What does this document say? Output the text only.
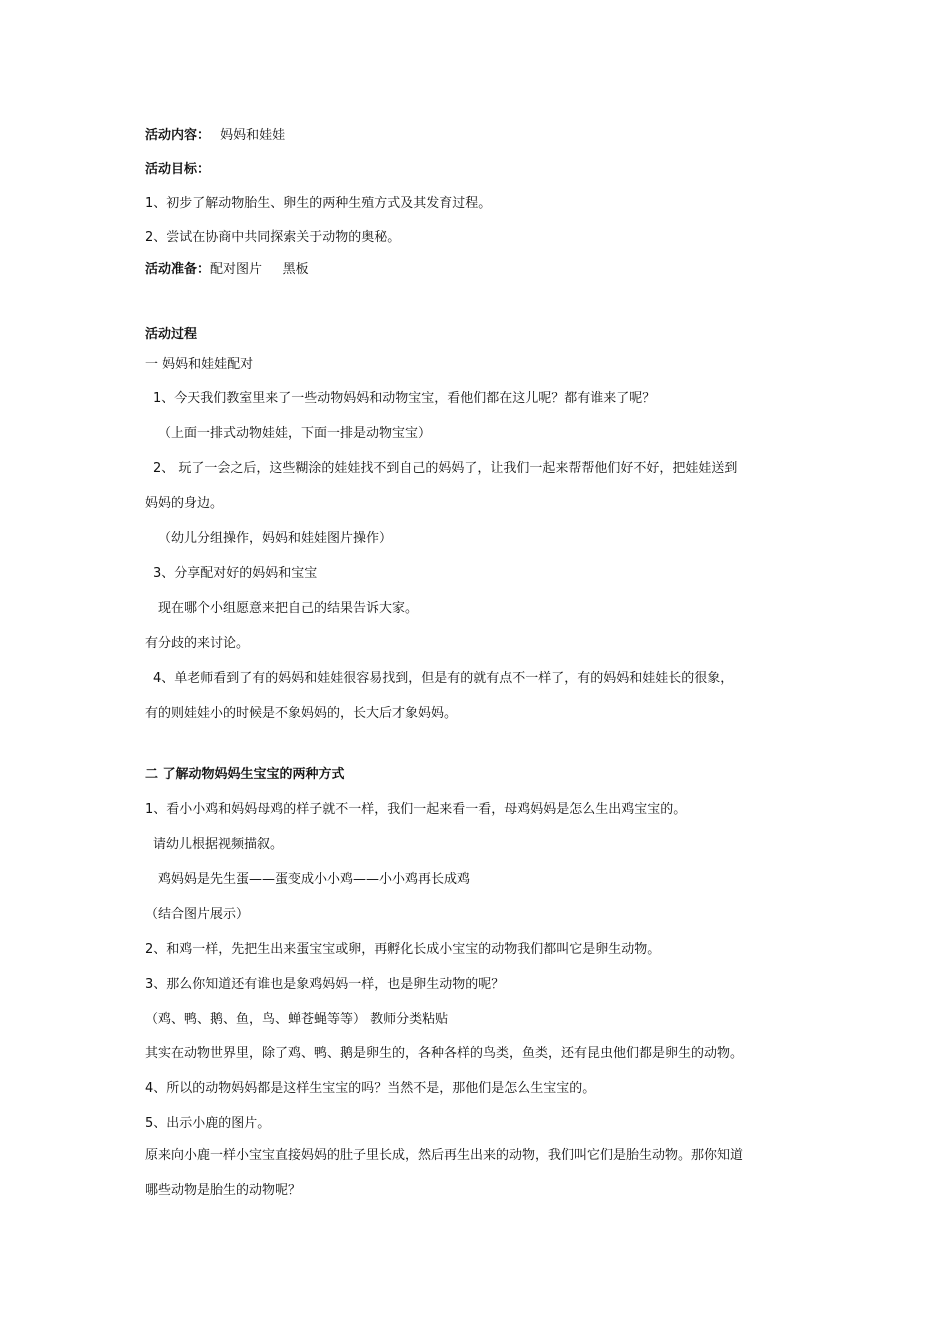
活动内容： 妈妈和娃娃
活动目标：
1、初步了解动物胎生、卵生的两种生殖方式及其发育过程。
2、尝试在协商中共同探索关于动物的奥秘。
活动准备：配对图片     黑板
活动过程
一 妈妈和娃娃配对
1、今天我们教室里来了一些动物妈妈和动物宝宝，看他们都在这儿呢？都有谁来了呢？
（上面一排式动物娃娃，下面一排是动物宝宝）
2、 玩了一会之后，这些糊涂的娃娃找不到自己的妈妈了，让我们一起来帮帮他们好不好，把娃娃送到
妈妈的身边。
（幼儿分组操作，妈妈和娃娃图片操作）
3、分享配对好的妈妈和宝宝
现在哪个小组愿意来把自己的结果告诉大家。
有分歧的来讨论。
4、单老师看到了有的妈妈和娃娃很容易找到，但是有的就有点不一样了，有的妈妈和娃娃长的很象，
有的则娃娃小的时候是不象妈妈的，长大后才象妈妈。
二 了解动物妈妈生宝宝的两种方式
1、看小小鸡和妈妈母鸡的样子就不一样，我们一起来看一看，母鸡妈妈是怎么生出鸡宝宝的。
请幼儿根据视频描叙。
鸡妈妈是先生蛋——蛋变成小小鸡——小小鸡再长成鸡
（结合图片展示）
2、和鸡一样，先把生出来蛋宝宝或卵，再孵化长成小宝宝的动物我们都叫它是卵生动物。
3、那么你知道还有谁也是象鸡妈妈一样，也是卵生动物的呢？
（鸡、鸭、鹅、鱼，鸟、蝉苍蝇等等） 教师分类粘贴
其实在动物世界里，除了鸡、鸭、鹅是卵生的，各种各样的鸟类，鱼类，还有昆虫他们都是卵生的动物。
4、所以的动物妈妈都是这样生宝宝的吗？当然不是，那他们是怎么生宝宝的。
5、出示小鹿的图片。
原来向小鹿一样小宝宝直接妈妈的肚子里长成，然后再生出来的动物，我们叫它们是胎生动物。那你知道
哪些动物是胎生的动物呢？
